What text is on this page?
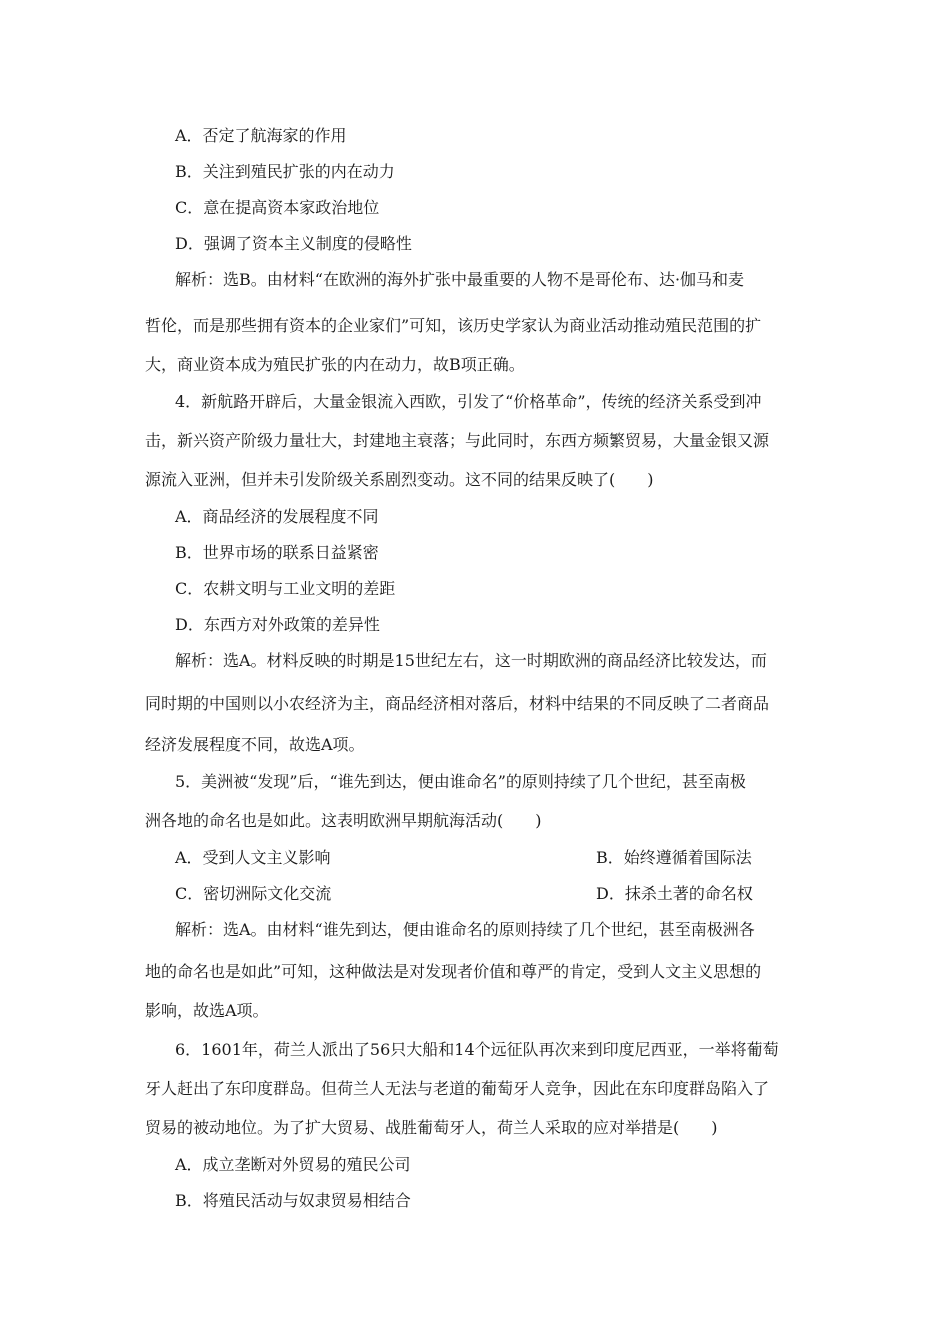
A．否定了航海家的作用
B．关注到殖民扩张的内在动力
C．意在提高资本家政治地位
D．强调了资本主义制度的侵略性
解析：选B。由材料“在欧洲的海外扩张中最重要的人物不是哥伦布、达·伽马和麦
哲伦，而是那些拥有资本的企业家们”可知，该历史学家认为商业活动推动殖民范围的扩
大，商业资本成为殖民扩张的内在动力，故B项正确。
4．新航路开辟后，大量金银流入西欧，引发了“价格革命”，传统的经济关系受到冲
击，新兴资产阶级力量壮大，封建地主衰落；与此同时，东西方频繁贸易，大量金银又源
源流入亚洲，但并未引发阶级关系剧烈变动。这不同的结果反映了(　　)
A．商品经济的发展程度不同
B．世界市场的联系日益紧密
C．农耕文明与工业文明的差距
D．东西方对外政策的差异性
解析：选A。材料反映的时期是15世纪左右，这一时期欧洲的商品经济比较发达，而
同时期的中国则以小农经济为主，商品经济相对落后，材料中结果的不同反映了二者商品
经济发展程度不同，故选A项。
5．美洲被“发现”后，“谁先到达，便由谁命名”的原则持续了几个世纪，甚至南极
洲各地的命名也是如此。这表明欧洲早期航海活动(　　)
A．受到人文主义影响	B．始终遵循着国际法
C．密切洲际文化交流	D．抹杀土著的命名权
解析：选A。由材料“谁先到达，便由谁命名的原则持续了几个世纪，甚至南极洲各
地的命名也是如此”可知，这种做法是对发现者价值和尊严的肯定，受到人文主义思想的
影响，故选A项。
6．1601年，荷兰人派出了56只大船和14个远征队再次来到印度尼西亚，一举将葡萄
牙人赶出了东印度群岛。但荷兰人无法与老道的葡萄牙人竞争，因此在东印度群岛陷入了
贸易的被动地位。为了扩大贸易、战胜葡萄牙人，荷兰人采取的应对举措是(　　)
A．成立垄断对外贸易的殖民公司
B．将殖民活动与奴隶贸易相结合
